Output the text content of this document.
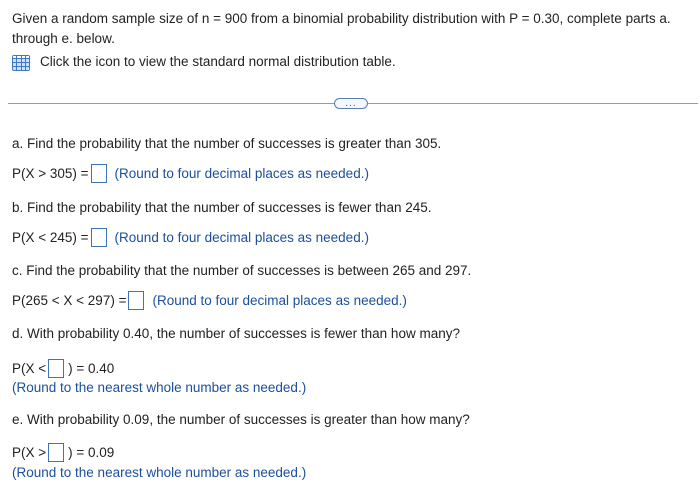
Given a random sample size of n = 900 from a binomial probability distribution with P = 0.30, complete parts a. through e. below.
Click the icon to view the standard normal distribution table.
...
a. Find the probability that the number of successes is greater than 305.
P(X > 305) = (Round to four decimal places as needed.)
b. Find the probability that the number of successes is fewer than 245.
P(X < 245) = (Round to four decimal places as needed.)
c. Find the probability that the number of successes is between 265 and 297.
P(265 < X < 297) = (Round to four decimal places as needed.)
d. With probability 0.40, the number of successes is fewer than how many?
P(X < ) = 0.40
(Round to the nearest whole number as needed.)
e. With probability 0.09, the number of successes is greater than how many?
P(X > ) = 0.09
(Round to the nearest whole number as needed.)
